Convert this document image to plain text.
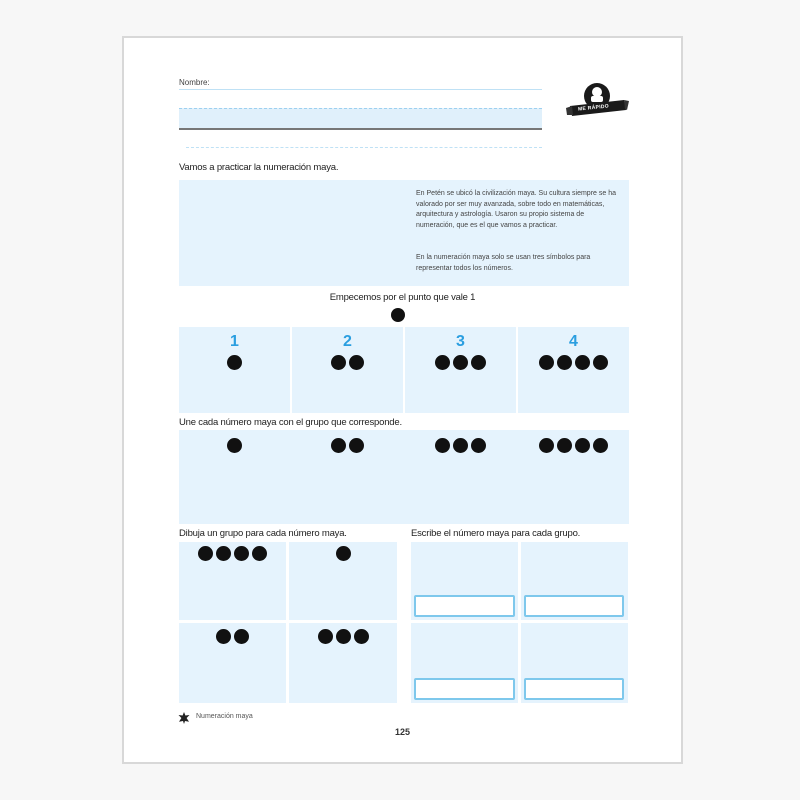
Nombre:
ME RÁPIDO
Vamos a practicar la numeración maya.
En Petén se ubicó la civilización maya. Su cultura siempre se ha valorado por ser muy avanzada, sobre todo en matemáticas, arquitectura y astrología. Usaron su propio sistema de numeración, que es el que vamos a practicar.
En la numeración maya solo se usan tres símbolos para representar todos los números.
Empecemos por el punto que vale 1
1	2	3	4
Une cada número maya con el grupo que corresponde.
Dibuja un grupo para cada número maya.	Escribe el número maya para cada grupo.
Numeración maya
125
